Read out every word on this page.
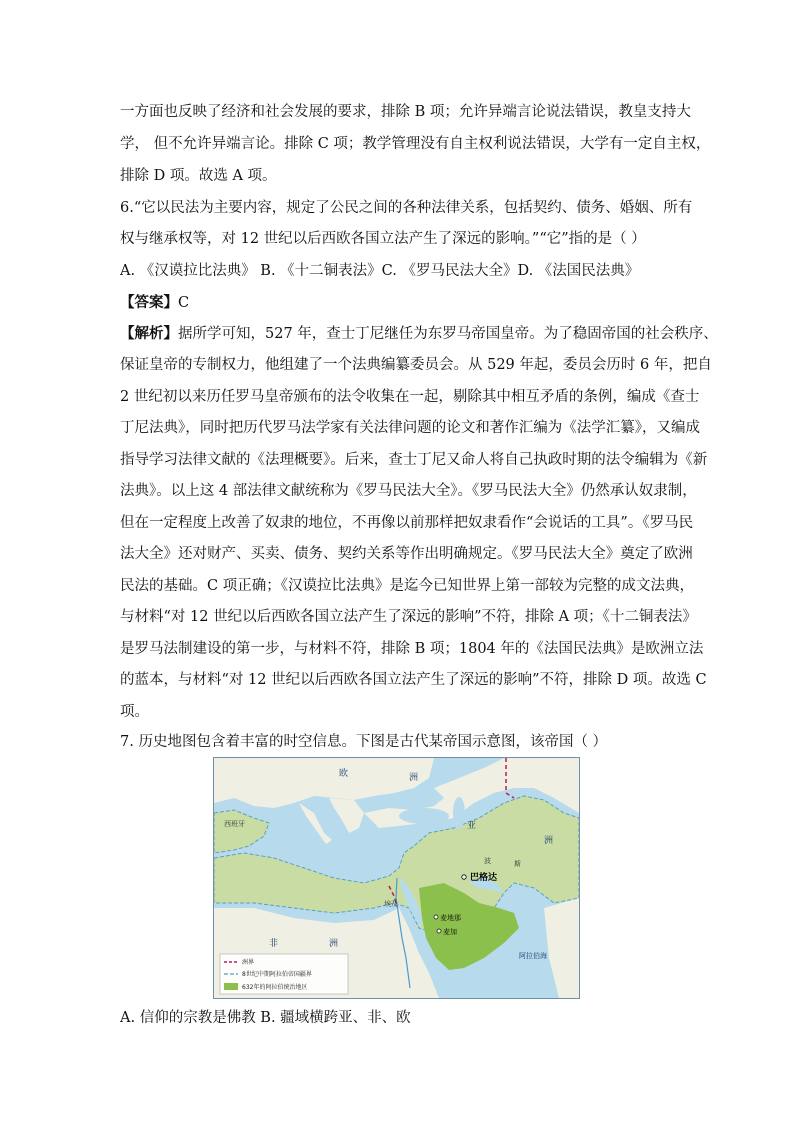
一方面也反映了经济和社会发展的要求，排除 B 项；允许异端言论说法错误，教皇支持大
学， 但不允许异端言论。排除 C 项；教学管理没有自主权利说法错误，大学有一定自主权，
排除 D 项。故选 A 项。
6.“它以民法为主要内容，规定了公民之间的各种法律关系，包括契约、债务、婚姻、所有
权与继承权等，对 12 世纪以后西欧各国立法产生了深远的影响。”“它”指的是（ ）
A. 《汉谟拉比法典》 B. 《十二铜表法》C. 《罗马民法大全》D. 《法国民法典》
【答案】C
【解析】据所学可知，527 年，查士丁尼继任为东罗马帝国皇帝。为了稳固帝国的社会秩序、
保证皇帝的专制权力，他组建了一个法典编纂委员会。从 529 年起，委员会历时 6 年，把自
2 世纪初以来历任罗马皇帝颁布的法令收集在一起，剔除其中相互矛盾的条例，编成《查士
丁尼法典》，同时把历代罗马法学家有关法律问题的论文和著作汇编为《法学汇纂》，又编成
指导学习法律文献的《法理概要》。后来，查士丁尼又命人将自己执政时期的法令编辑为《新
法典》。以上这 4 部法律文献统称为《罗马民法大全》。《罗马民法大全》仍然承认奴隶制，
但在一定程度上改善了奴隶的地位，不再像以前那样把奴隶看作“会说话的工具”。《罗马民
法大全》还对财产、买卖、债务、契约关系等作出明确规定。《罗马民法大全》奠定了欧洲
民法的基础。C 项正确；《汉谟拉比法典》是迄今已知世界上第一部较为完整的成文法典，
与材料“对 12 世纪以后西欧各国立法产生了深远的影响”不符，排除 A 项；《十二铜表法》
是罗马法制建设的第一步，与材料不符，排除 B 项；1804 年的《法国民法典》是欧洲立法
的蓝本，与材料“对 12 世纪以后西欧各国立法产生了深远的影响”不符，排除 D 项。故选 C
项。
7. 历史地图包含着丰富的时空信息。下图是古代某帝国示意图，该帝国（ ）
欧	洲
亚
洲
非	洲
西班牙
巴格达
波	斯
埃及
麦地那
麦加
阿拉伯海
洲界
8世纪中期阿拉伯帝国疆界
632年的阿拉伯统治地区
A. 信仰的宗教是佛教 B. 疆域横跨亚、非、欧
